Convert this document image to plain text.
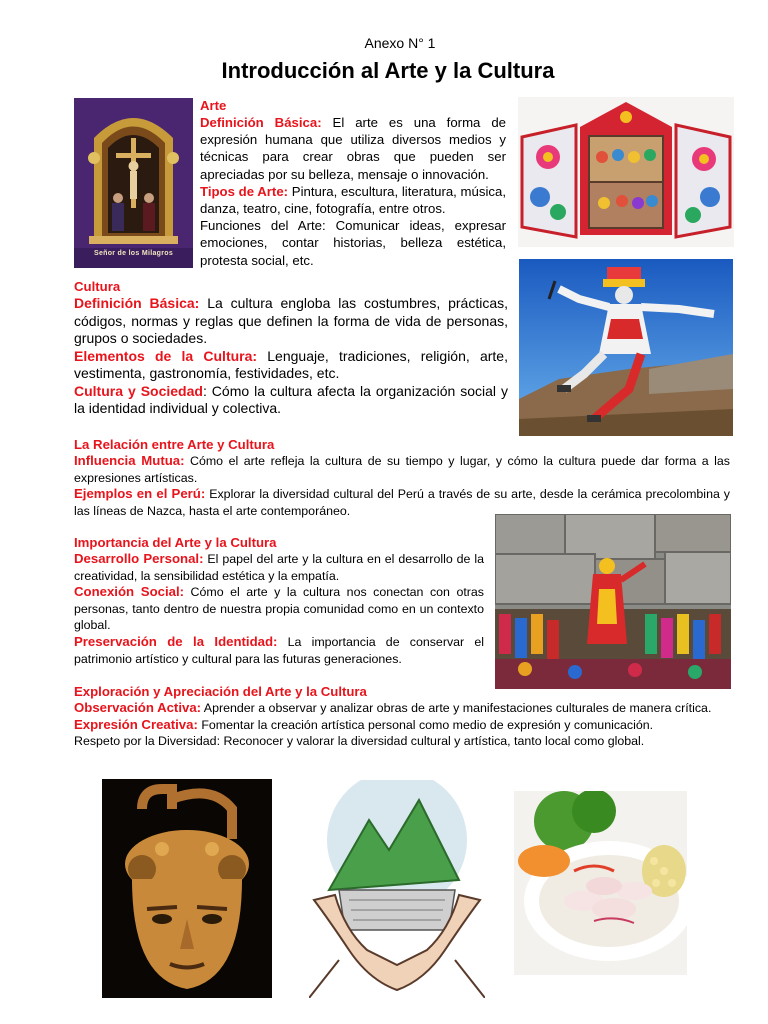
Anexo N° 1
Introducción al Arte y la Cultura
Señor de los Milagros

Arte

Definición Básica: El arte es una forma de expresión humana que utiliza diversos medios y técnicas para crear obras que pueden ser apreciadas por su belleza, mensaje o innovación.

Tipos de Arte: Pintura, escultura, literatura, música, danza, teatro, cine, fotografía, entre otros.

Funciones del Arte: Comunicar ideas, expresar emociones, contar historias, belleza estética, protesta social, etc.

Cultura

Definición Básica: La cultura engloba las costumbres, prácticas, códigos, normas y reglas que definen la forma de vida de personas, grupos o sociedades.

Elementos de la Cultura: Lenguaje, tradiciones, religión, arte, vestimenta, gastronomía, festividades, etc.

Cultura y Sociedad: Cómo la cultura afecta la organización social y la identidad individual y colectiva.

La Relación entre Arte y Cultura

Influencia Mutua: Cómo el arte refleja la cultura de su tiempo y lugar, y cómo la cultura puede dar forma a las expresiones artísticas.

Ejemplos en el Perú: Explorar la diversidad cultural del Perú a través de su arte, desde la cerámica precolombina y las líneas de Nazca, hasta el arte contemporáneo.

Importancia del Arte y la Cultura

Desarrollo Personal: El papel del arte y la cultura en el desarrollo de la creatividad, la sensibilidad estética y la empatía.

Conexión Social: Cómo el arte y la cultura nos conectan con otras personas, tanto dentro de nuestra propia comunidad como en un contexto global.

Preservación de la Identidad: La importancia de conservar el patrimonio artístico y cultural para las futuras generaciones.

Exploración y Apreciación del Arte y la Cultura

Observación Activa: Aprender a observar y analizar obras de arte y manifestaciones culturales de manera crítica.

Expresión Creativa: Fomentar la creación artística personal como medio de expresión y comunicación.

Respeto por la Diversidad: Reconocer y valorar la diversidad cultural y artística, tanto local como global.
